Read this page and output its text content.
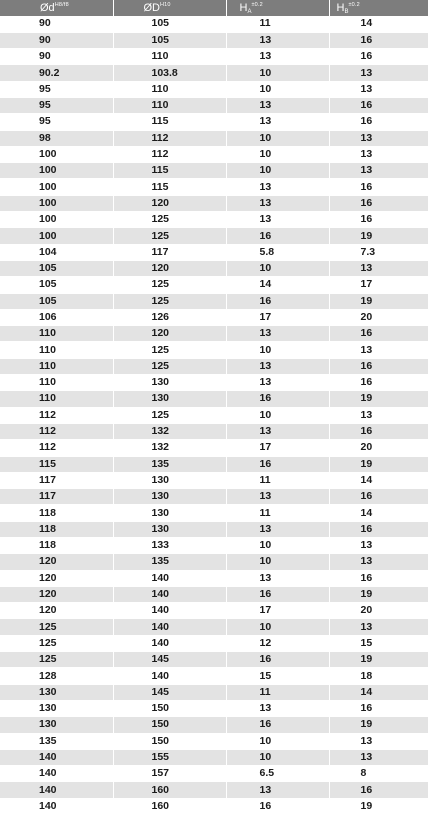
$Ød^{H8/f8}$	$ØD^{H10}$	$H_A^{\pm 0.2}$	$H_B^{\pm 0.2}$
90	105	11	14
90	105	13	16
90	110	13	16
90.2	103.8	10	13
95	110	10	13
95	110	13	16
95	115	13	16
98	112	10	13
100	112	10	13
100	115	10	13
100	115	13	16
100	120	13	16
100	125	13	16
100	125	16	19
104	117	5.8	7.3
105	120	10	13
105	125	14	17
105	125	16	19
106	126	17	20
110	120	13	16
110	125	10	13
110	125	13	16
110	130	13	16
110	130	16	19
112	125	10	13
112	132	13	16
112	132	17	20
115	135	16	19
117	130	11	14
117	130	13	16
118	130	11	14
118	130	13	16
118	133	10	13
120	135	10	13
120	140	13	16
120	140	16	19
120	140	17	20
125	140	10	13
125	140	12	15
125	145	16	19
128	140	15	18
130	145	11	14
130	150	13	16
130	150	16	19
135	150	10	13
140	155	10	13
140	157	6.5	8
140	160	13	16
140	160	16	19
